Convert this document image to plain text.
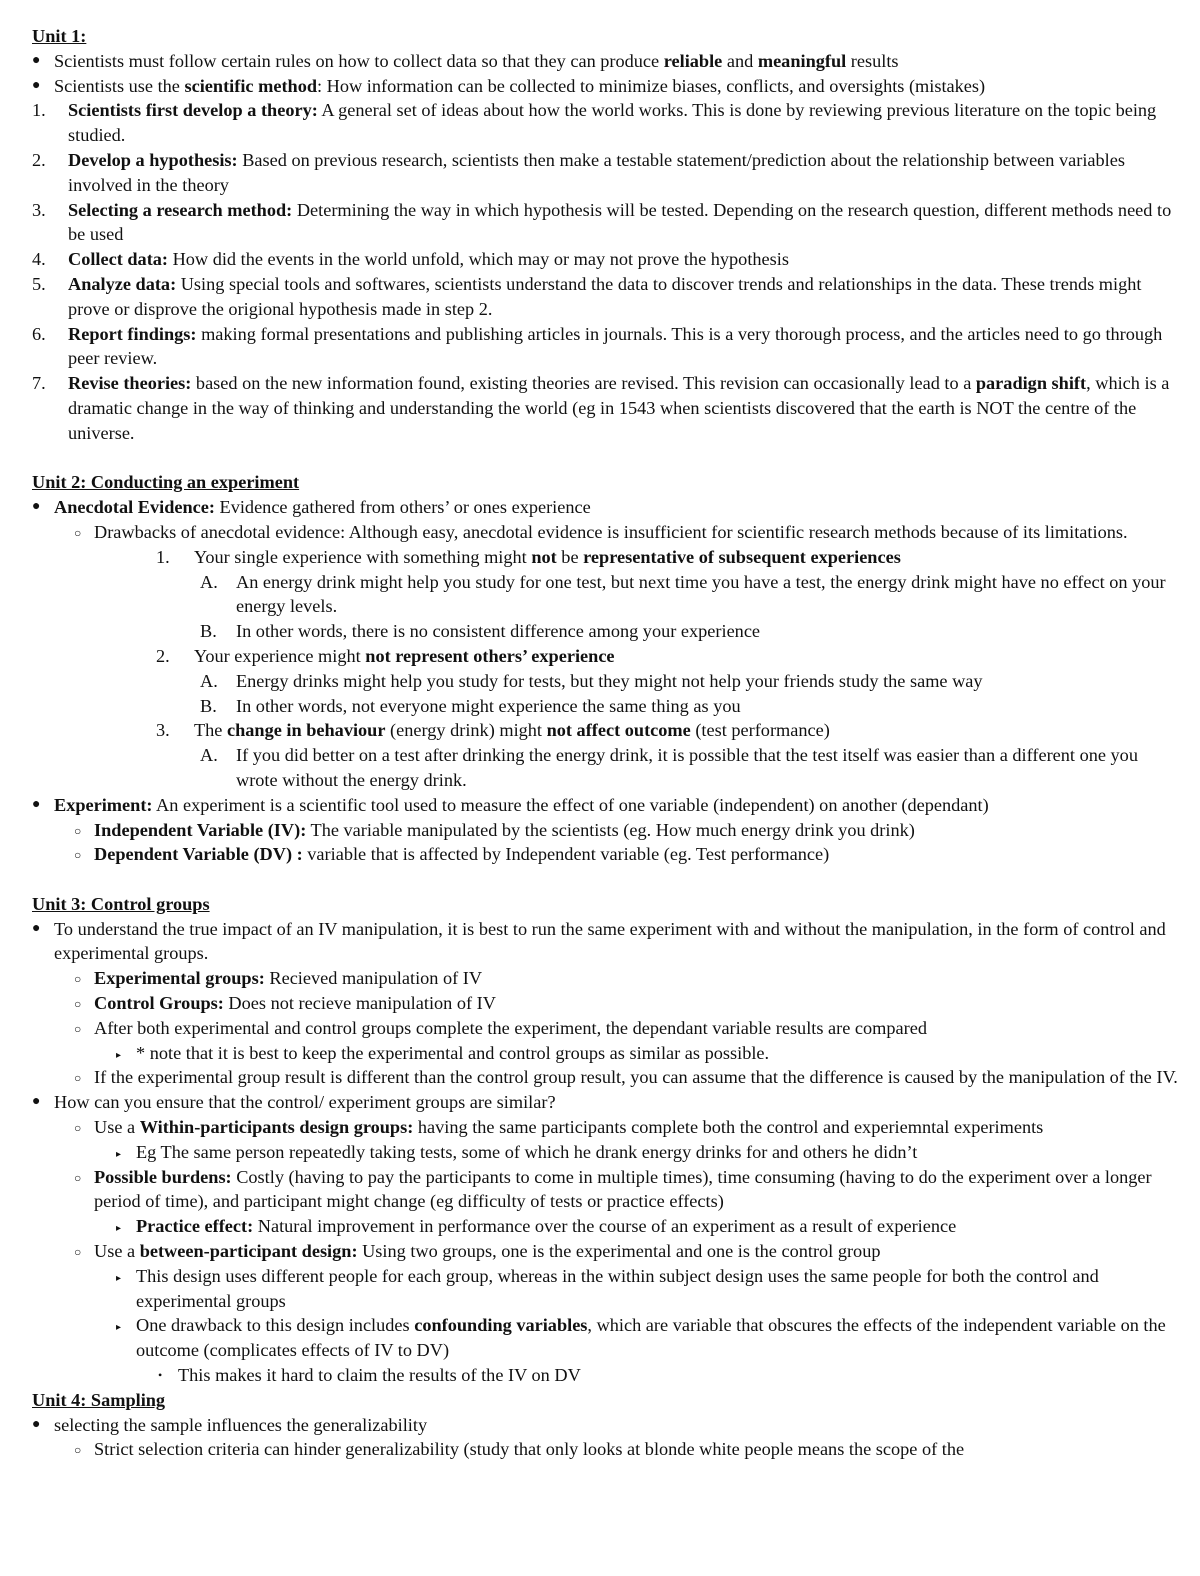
Unit 1:
● Scientists must follow certain rules on how to collect data so that they can produce reliable and meaningful results
● Scientists use the scientific method: How information can be collected to minimize biases, conflicts, and oversights (mistakes)
1. Scientists first develop a theory: A general set of ideas about how the world works. This is done by reviewing previous literature on the topic being studied.
2. Develop a hypothesis: Based on previous research, scientists then make a testable statement/prediction about the relationship between variables involved in the theory
3. Selecting a research method: Determining the way in which hypothesis will be tested. Depending on the research question, different methods need to be used
4. Collect data: How did the events in the world unfold, which may or may not prove the hypothesis
5. Analyze data: Using special tools and softwares, scientists understand the data to discover trends and relationships in the data. These trends might prove or disprove the origional hypothesis made in step 2.
6. Report findings: making formal presentations and publishing articles in journals. This is a very thorough process, and the articles need to go through peer review.
7. Revise theories: based on the new information found, existing theories are revised. This revision can occasionally lead to a paradign shift, which is a dramatic change in the way of thinking and understanding the world (eg in 1543 when scientists discovered that the earth is NOT the centre of the universe.
Unit 2: Conducting an experiment
● Anecdotal Evidence: Evidence gathered from others’ or ones experience
○ Drawbacks of anecdotal evidence: Although easy, anecdotal evidence is insufficient for scientific research methods because of its limitations.
1. Your single experience with something might not be representative of subsequent experiences
A. An energy drink might help you study for one test, but next time you have a test, the energy drink might have no effect on your energy levels.
B. In other words, there is no consistent difference among your experience
2. Your experience might not represent others’ experience
A. Energy drinks might help you study for tests, but they might not help your friends study the same way
B. In other words, not everyone might experience the same thing as you
3. The change in behaviour (energy drink) might not affect outcome (test performance)
A. If you did better on a test after drinking the energy drink, it is possible that the test itself was easier than a different one you wrote without the energy drink.
● Experiment: An experiment is a scientific tool used to measure the effect of one variable (independent) on another (dependant)
○ Independent Variable (IV): The variable manipulated by the scientists (eg. How much energy drink you drink)
○ Dependent Variable (DV) : variable that is affected by Independent variable (eg. Test performance)
Unit 3: Control groups
● To understand the true impact of an IV manipulation, it is best to run the same experiment with and without the manipulation, in the form of control and experimental groups.
○ Experimental groups: Recieved manipulation of IV
○ Control Groups: Does not recieve manipulation of IV
○ After both experimental and control groups complete the experiment, the dependant variable results are compared
▸ * note that it is best to keep the experimental and control groups as similar as possible.
○ If the experimental group result is different than the control group result, you can assume that the difference is caused by the manipulation of the IV.
● How can you ensure that the control/ experiment groups are similar?
○ Use a Within-participants design groups: having the same participants complete both the control and experiemntal experiments
▸ Eg The same person repeatedly taking tests, some of which he drank energy drinks for and others he didn’t
○ Possible burdens: Costly (having to pay the participants to come in multiple times), time consuming (having to do the experiment over a longer period of time), and participant might change (eg difficulty of tests or practice effects)
▸ Practice effect: Natural improvement in performance over the course of an experiment as a result of experience
○ Use a between-participant design: Using two groups, one is the experimental and one is the control group
▸ This design uses different people for each group, whereas in the within subject design uses the same people for both the control and experimental groups
▸ One drawback to this design includes confounding variables, which are variable that obscures the effects of the independent variable on the outcome (complicates effects of IV to DV)
• This makes it hard to claim the results of the IV on DV
Unit 4: Sampling
● selecting the sample influences the generalizability
○ Strict selection criteria can hinder generalizability (study that only looks at blonde white people means the scope of the
